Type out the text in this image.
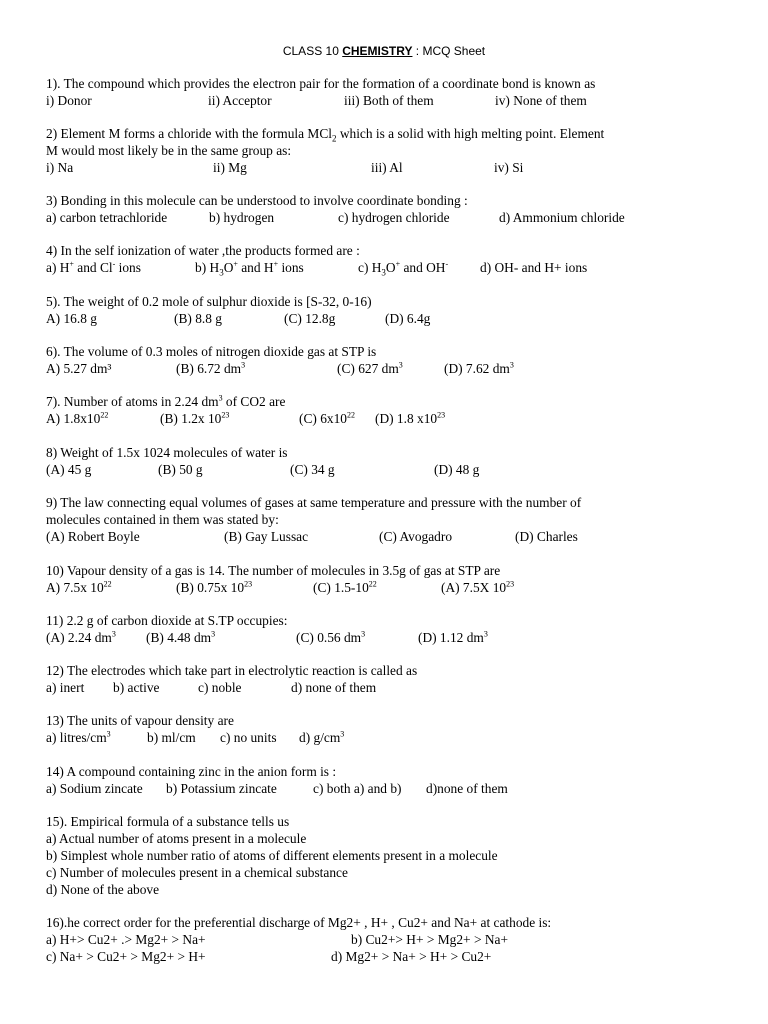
CLASS 10 CHEMISTRY : MCQ Sheet
1). The compound which provides the electron pair for the formation of a coordinate bond is known as
i) Donor	ii) Acceptor	iii) Both of them	iv) None of them
2) Element M forms a chloride with the formula MCl$_2$ which is a solid with high melting point. Element
M would most likely be in the same group as:
i) Na	ii) Mg	iii) Al	iv) Si
3) Bonding in this molecule can be understood to involve coordinate bonding :
a) carbon tetrachloride	b) hydrogen	c) hydrogen chloride	d) Ammonium chloride
4) In the self ionization of water ,the products formed are :
a) H+ and Cl- ions	b) $H_3O^+$ and H+ ions	c) $H_3O^+$ and OH- d) OH- and H+ ions
5). The weight of 0.2 mole of sulphur dioxide is [S-32, 0-16)
A) 16.8 g	(B) 8.8 g	(C) 12.8g	(D) 6.4g
6). The volume of 0.3 moles of nitrogen dioxide gas at STP is
A) 5.27 dm³	(B) 6.72 $dm^3$	(C) 627 $dm^3$	(D) 7.62 $dm^3$
7). Number of atoms in 2.24 $dm^3$ of CO2 are
A) $1.8x10^{22}$	(B) 1.2x $10^{23}$	(C) $6x10^{22}$ (D) 1.8 $x10^{23}$
8) Weight of 1.5x 1024 molecules of water is
(A) 45 g	(B) 50 g	(C) 34 g	(D) 48 g
9) The law connecting equal volumes of gases at same temperature and pressure with the number of
molecules contained in them was stated by:
(A) Robert Boyle	(B) Gay Lussac	(C) Avogadro	(D) Charles
10) Vapour density of a gas is 14. The number of molecules in 3.5g of gas at STP are
A) 7.5x $10^{22}$	(B) 0.75x $10^{23}$	(C) $1.5-10^{22}$	(A) 7.5X $10^{23}$
11) 2.2 g of carbon dioxide at S.TP occupies:
(A) 2.24 $dm^3$ (B) 4.48 $dm^3$	(C) 0.56 $dm^3$	(D) 1.12 $dm^3$
12) The electrodes which take part in electrolytic reaction is called as
a) inert b) active	c) noble	d) none of them
13) The units of vapour density are
a) litres/$cm^3$	b) ml/cm c) no units d) $g/cm^3$
14) A compound containing zinc in the anion form is :
a) Sodium zincate b) Potassium zincate	c) both a) and b) d)none of them
15). Empirical formula of a substance tells us
a) Actual number of atoms present in a molecule
b) Simplest whole number ratio of atoms of different elements present in a molecule
c) Number of molecules present in a chemical substance
d) None of the above
16).he correct order for the preferential discharge of Mg2+ , H+ , Cu2+ and Na+ at cathode is:
a) H+> Cu2+ .> Mg2+ > Na+	b) Cu2+> H+ > Mg2+ > Na+
c) Na+ > Cu2+ > Mg2+ > H+	d) Mg2+ > Na+ > H+ > Cu2+
